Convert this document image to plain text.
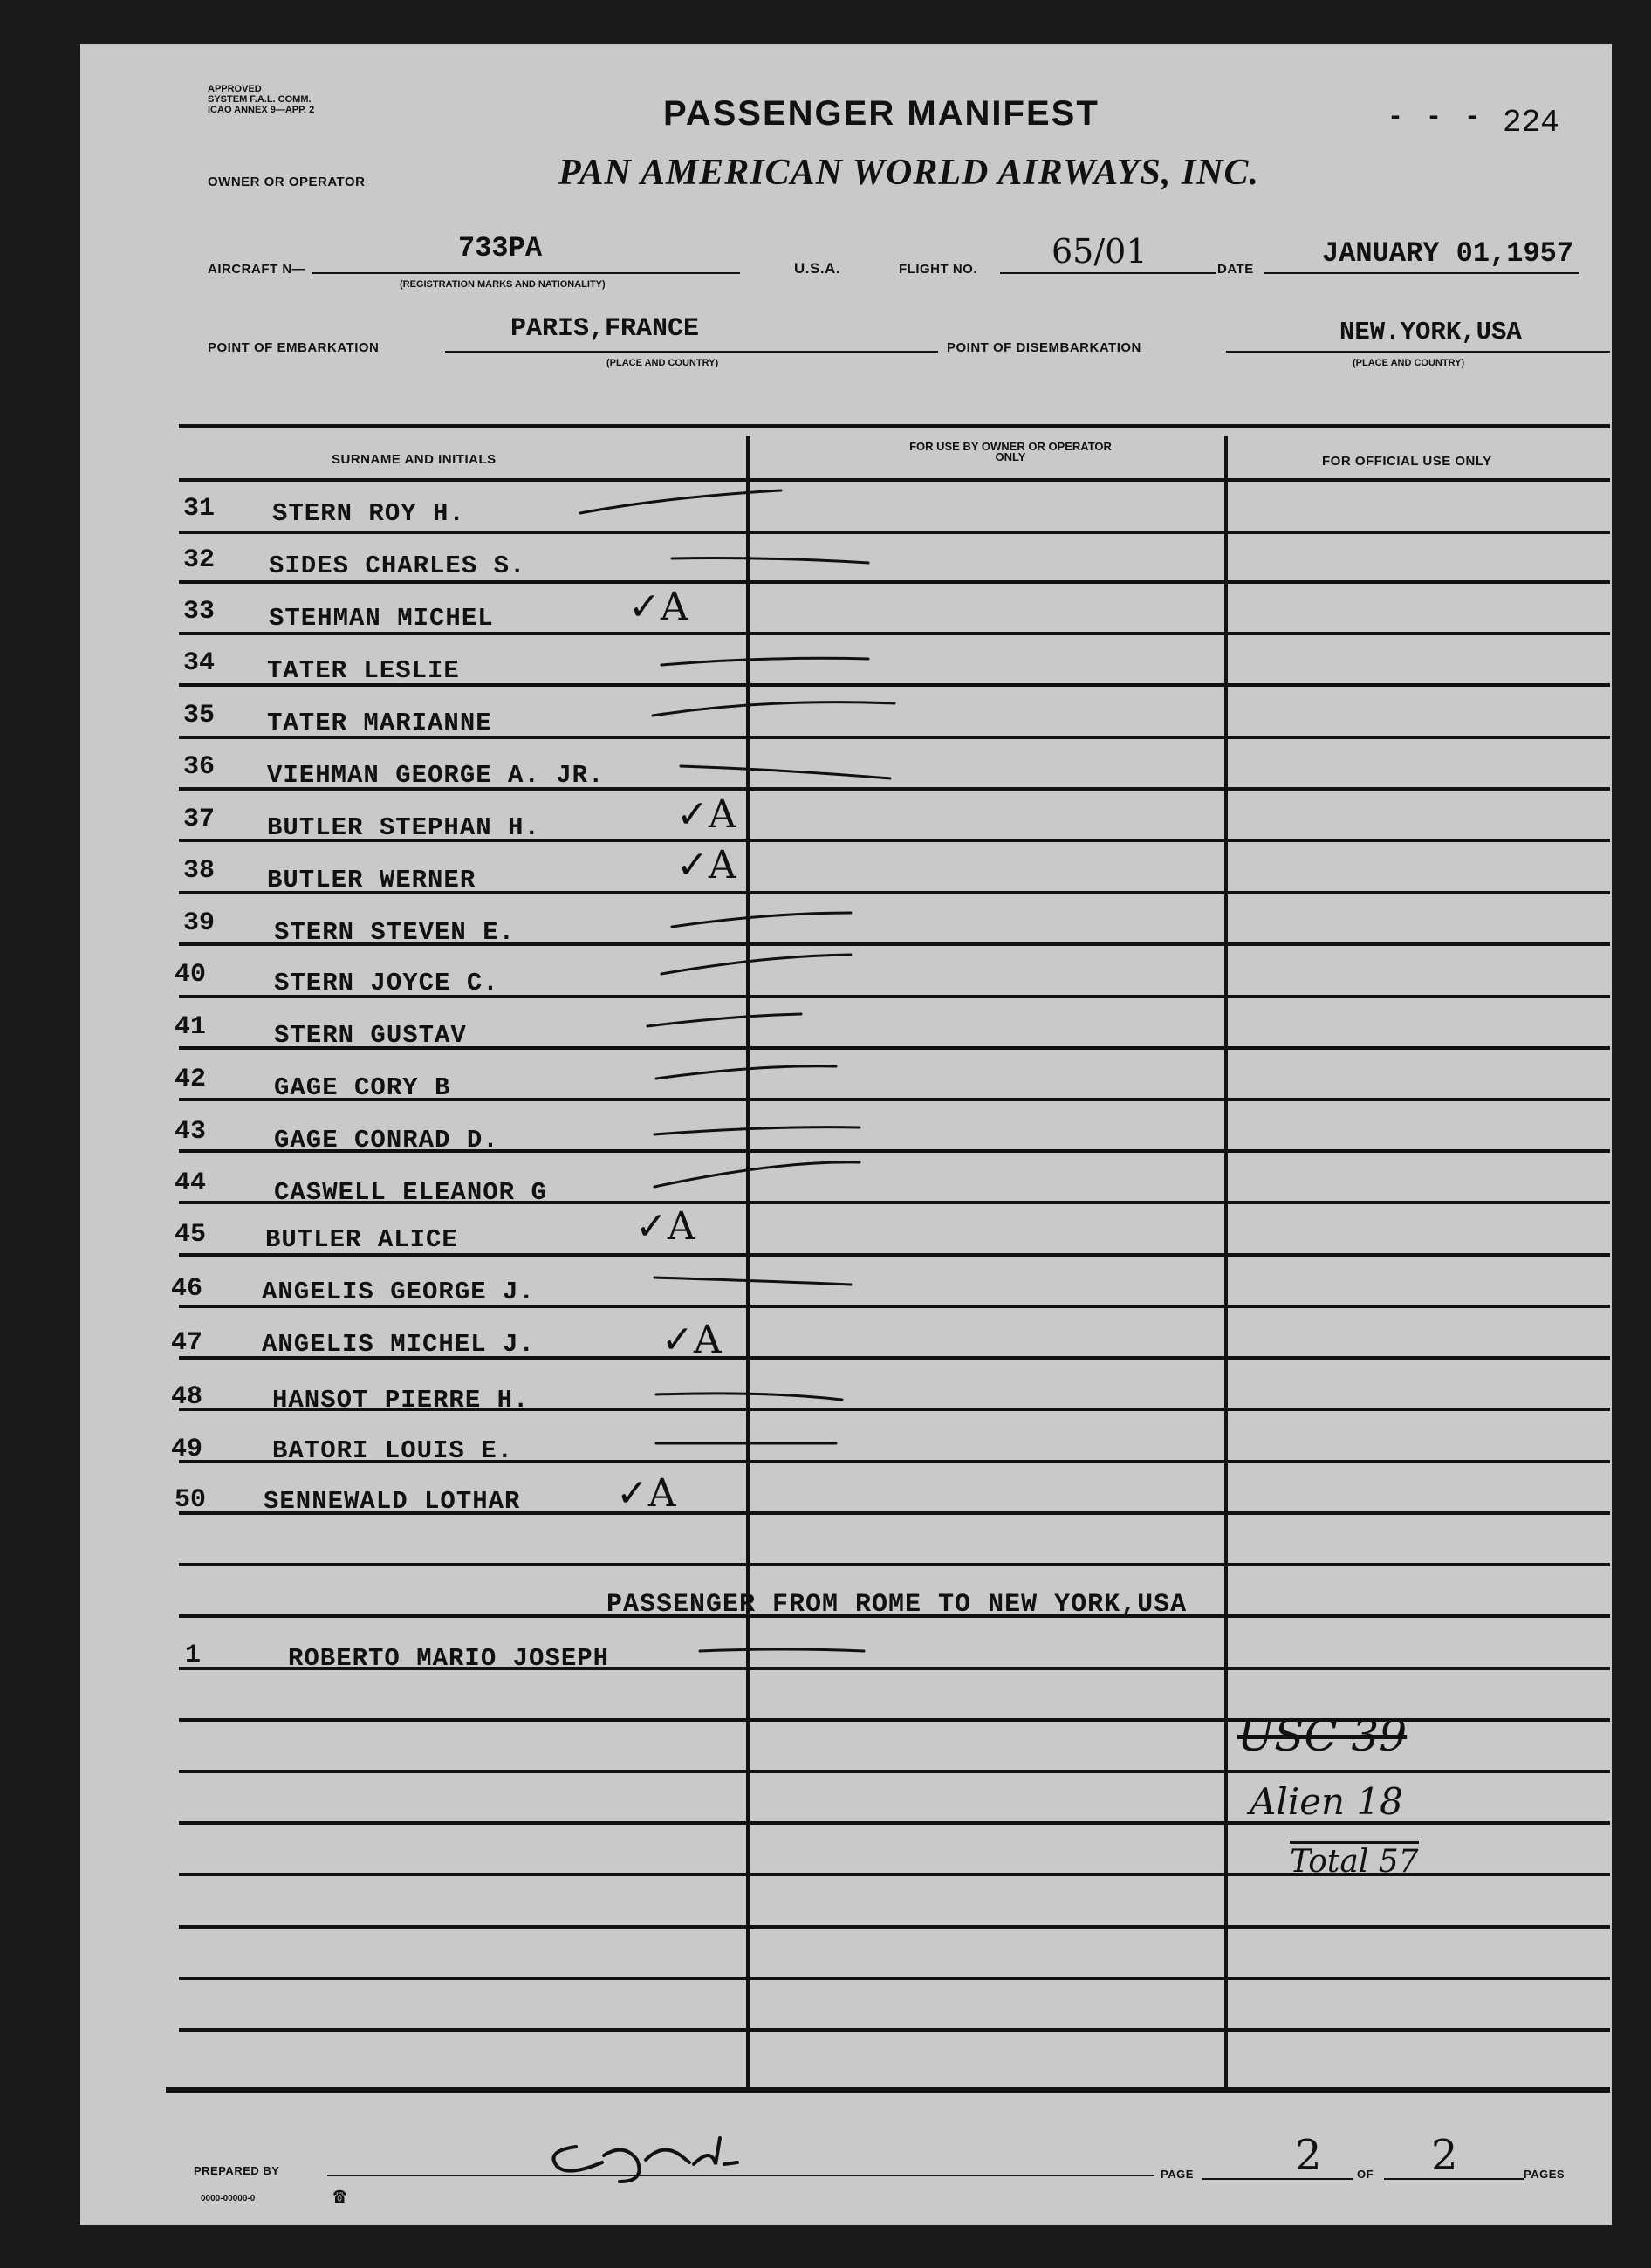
APPROVED
SYSTEM F.A.L. COMM.
ICAO ANNEX 9—APP. 2	PASSENGER MANIFEST	224
- - -
OWNER OR OPERATOR	PAN AMERICAN WORLD AIRWAYS, INC.
AIRCRAFT N—
733PA
(REGISTRATION MARKS AND NATIONALITY)
U.S.A.	FLIGHT NO. 65/01	DATE JANUARY 01,1957
POINT OF EMBARKATION
PARIS,FRANCE
(PLACE AND COUNTRY)
POINT OF DISEMBARKATION
NEW.YORK,USA
(PLACE AND COUNTRY)
SURNAME AND INITIALS
FOR USE BY OWNER OR OPERATOR ONLY	FOR OFFICIAL USE ONLY
31 STERN ROY H.
32 SIDES CHARLES S.
33 STEHMAN MICHEL	✓A
34 TATER LESLIE
35 TATER MARIANNE
36 VIEHMAN GEORGE A. JR.
37 BUTLER STEPHAN H.	✓A
38 BUTLER WERNER	✓A
39 STERN STEVEN E.
40	STERN JOYCE C.
41	STERN GUSTAV
42	GAGE CORY B
43	GAGE CONRAD D.
44	CASWELL ELEANOR G
45 BUTLER ALICE	✓A
46 ANGELIS GEORGE J.
47 ANGELIS MICHEL J.	✓A
48	HANSOT PIERRE H.
49	BATORI LOUIS E.
50 SENNEWALD LOTHAR ✓A
PASSENGER FROM ROME TO NEW YORK,USA
1	ROBERTO MARIO JOSEPH
USC 39
Alien 18
Total 57
PREPARED BY
0000-00000-0	☎
PAGE 2	OF 2	PAGES
